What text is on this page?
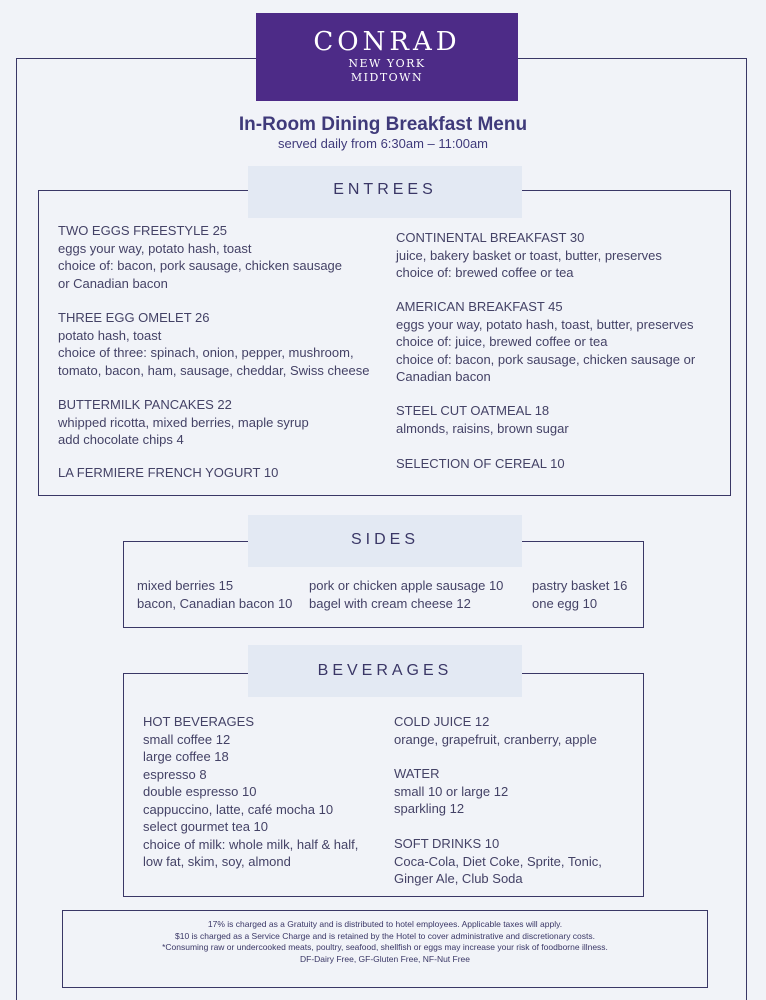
CONRAD
NEW YORK
MIDTOWN
In-Room Dining Breakfast Menu
served daily from 6:30am – 11:00am
ENTREES
TWO EGGS FREESTYLE 25
eggs your way, potato hash, toast
choice of: bacon, pork sausage, chicken sausage
or Canadian bacon
THREE EGG OMELET 26
potato hash, toast
choice of three: spinach, onion, pepper, mushroom,
tomato, bacon, ham, sausage, cheddar, Swiss cheese
BUTTERMILK PANCAKES 22
whipped ricotta, mixed berries, maple syrup
add chocolate chips 4
LA FERMIERE FRENCH YOGURT 10
CONTINENTAL BREAKFAST 30
juice, bakery basket or toast, butter, preserves
choice of: brewed coffee or tea
AMERICAN BREAKFAST 45
eggs your way, potato hash, toast, butter, preserves
choice of: juice, brewed coffee or tea
choice of: bacon, pork sausage, chicken sausage or
Canadian bacon
STEEL CUT OATMEAL 18
almonds, raisins, brown sugar
SELECTION OF CEREAL 10
SIDES
mixed berries 15
bacon, Canadian bacon 10
pork or chicken apple sausage 10
bagel with cream cheese 12
pastry basket 16
one egg 10
BEVERAGES
HOT BEVERAGES
small coffee 12
large coffee 18
espresso 8
double espresso 10
cappuccino, latte, café mocha 10
select gourmet tea 10
choice of milk: whole milk, half & half,
low fat, skim, soy, almond
COLD JUICE 12
orange, grapefruit, cranberry, apple
WATER
small 10 or large 12
sparkling 12
SOFT DRINKS 10
Coca-Cola, Diet Coke, Sprite, Tonic,
Ginger Ale, Club Soda
17% is charged as a Gratuity and is distributed to hotel employees. Applicable taxes will apply.
$10 is charged as a Service Charge and is retained by the Hotel to cover administrative and discretionary costs.
*Consuming raw or undercooked meats, poultry, seafood, shellfish or eggs may increase your risk of foodborne illness.
DF-Dairy Free, GF-Gluten Free, NF-Nut Free
